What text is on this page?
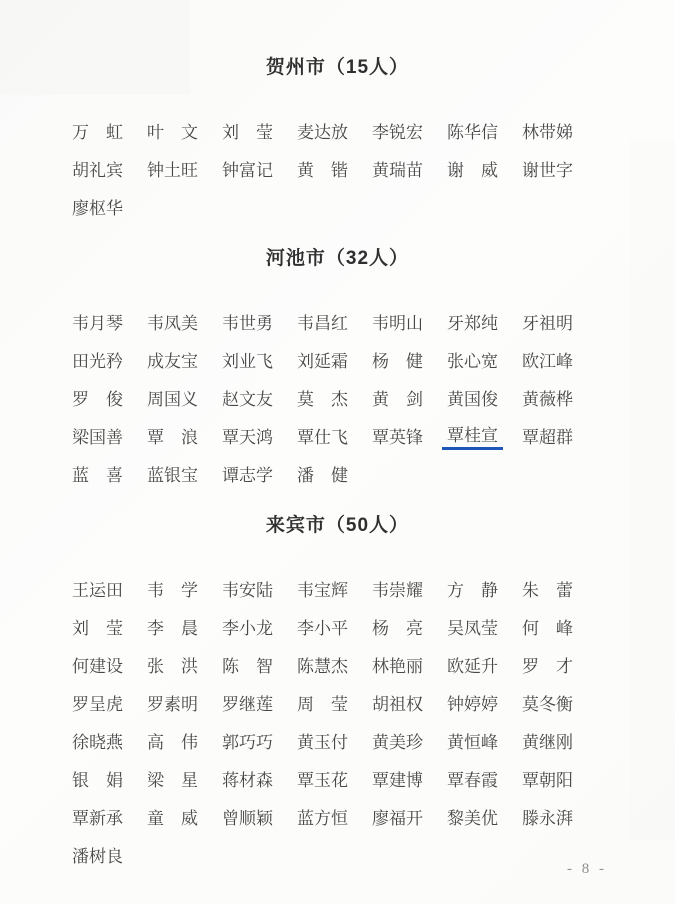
贺州市（15人）
万　虹	叶　文	刘　莹	麦达放	李锐宏	陈华信	林带娣
胡礼宾	钟土旺	钟富记	黄　锴	黄瑞苗	谢　威	谢世字
廖枢华
河池市（32人）
韦月琴	韦凤美	韦世勇	韦昌红	韦明山	牙郑纯	牙祖明
田光矜	成友宝	刘业飞	刘延霜	杨　健	张心宽	欧江峰
罗　俊	周国义	赵文友	莫　杰	黄　剑	黄国俊	黄薇桦
梁国善	覃　浪	覃天鸿	覃仕飞	覃英锋	覃桂宣	覃超群
蓝　喜	蓝银宝	谭志学	潘　健
来宾市（50人）
王运田	韦　学	韦安陆	韦宝辉	韦崇耀	方　静	朱　蕾
刘　莹	李　晨	李小龙	李小平	杨　亮	吴凤莹	何　峰
何建设	张　洪	陈　智	陈慧杰	林艳丽	欧延升	罗　才
罗呈虎	罗素明	罗继莲	周　莹	胡祖权	钟婷婷	莫冬衡
徐晓燕	高　伟	郭巧巧	黄玉付	黄美珍	黄恒峰	黄继刚
银　娟	梁　星	蒋材森	覃玉花	覃建博	覃春霞	覃朝阳
覃新承	童　威	曾顺颖	蓝方恒	廖福开	黎美优	滕永湃
潘树良
- 8 -
